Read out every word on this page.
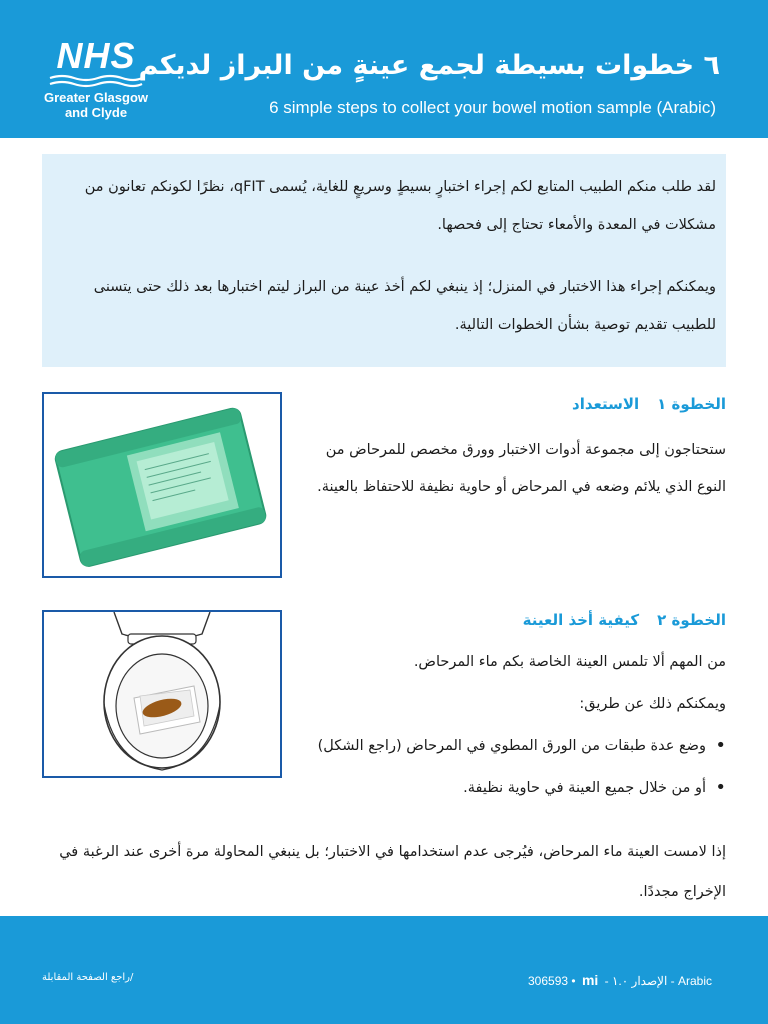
NHS
Greater Glasgow
and Clyde
٦ خطوات بسيطة لجمع عينةٍ من البراز لديكم
6 simple steps to collect your bowel motion sample (Arabic)

لقد طلب منكم الطبيب المتابع لكم إجراء اختبارٍ بسيطٍ وسريعٍ للغاية، يُسمى qFIT، نظرًا لكونكم تعانون من مشكلات في المعدة والأمعاء تحتاج إلى فحصها.

ويمكنكم إجراء هذا الاختبار في المنزل؛ إذ ينبغي لكم أخذ عينة من البراز ليتم اختبارها بعد ذلك حتى يتسنى للطبيب تقديم توصية بشأن الخطوات التالية.

الخطوة ١الاستعداد

ستحتاجون إلى مجموعة أدوات الاختبار وورق مخصص للمرحاض من النوع الذي يلائم وضعه في المرحاض أو حاوية نظيفة للاحتفاظ بالعينة.

الخطوة ٢كيفية أخذ العينة

من المهم ألا تلمس العينة الخاصة بكم ماء المرحاض.

ويمكنكم ذلك عن طريق:

• وضع عدة طبقات من الورق المطوي في المرحاض (راجع الشكل)
• أو من خلال جميع العينة في حاوية نظيفة.
إذا لامست العينة ماء المرحاض، فيُرجى عدم استخدامها في الاختبار؛ بل ينبغي المحاولة مرة أخرى عند الرغبة في الإخراج مجددًا.
/راجع الصفحة المقابلة	الإصدار ١.٠ - mi • 306593 - Arabic
